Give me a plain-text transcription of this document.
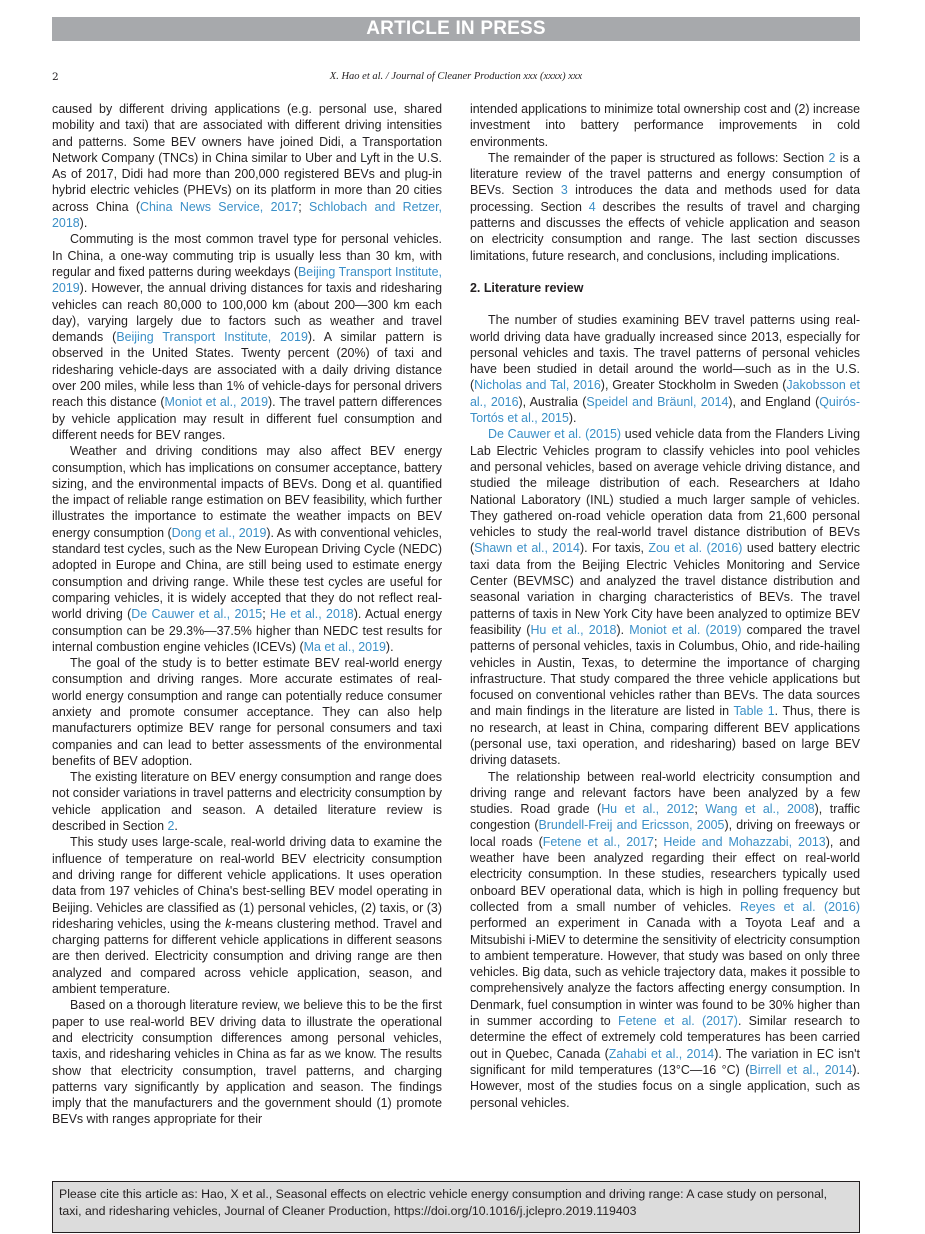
ARTICLE IN PRESS
2	X. Hao et al. / Journal of Cleaner Production xxx (xxxx) xxx

caused by different driving applications (e.g. personal use, shared mobility and taxi) that are associated with different driving intensities and patterns. Some BEV owners have joined Didi, a Transportation Network Company (TNCs) in China similar to Uber and Lyft in the U.S. As of 2017, Didi had more than 200,000 registered BEVs and plug-in hybrid electric vehicles (PHEVs) on its platform in more than 20 cities across China (China News Service, 2017; Schlobach and Retzer, 2018).

Commuting is the most common travel type for personal vehicles. In China, a one-way commuting trip is usually less than 30 km, with regular and fixed patterns during weekdays (Beijing Transport Institute, 2019). However, the annual driving distances for taxis and ridesharing vehicles can reach 80,000 to 100,000 km (about 200—300 km each day), varying largely due to factors such as weather and travel demands (Beijing Transport Institute, 2019). A similar pattern is observed in the United States. Twenty percent (20%) of taxi and ridesharing vehicle-days are associated with a daily driving distance over 200 miles, while less than 1% of vehicle-days for personal drivers reach this distance (Moniot et al., 2019). The travel pattern differences by vehicle application may result in different fuel consumption and different needs for BEV ranges.

Weather and driving conditions may also affect BEV energy consumption, which has implications on consumer acceptance, battery sizing, and the environmental impacts of BEVs. Dong et al. quantified the impact of reliable range estimation on BEV feasibility, which further illustrates the importance to estimate the weather impacts on BEV energy consumption (Dong et al., 2019). As with conventional vehicles, standard test cycles, such as the New European Driving Cycle (NEDC) adopted in Europe and China, are still being used to estimate energy consumption and driving range. While these test cycles are useful for comparing vehicles, it is widely accepted that they do not reflect real-world driving (De Cauwer et al., 2015; He et al., 2018). Actual energy consumption can be 29.3%—37.5% higher than NEDC test results for internal combustion engine vehicles (ICEVs) (Ma et al., 2019).

The goal of the study is to better estimate BEV real-world energy consumption and driving ranges. More accurate estimates of real-world energy consumption and range can potentially reduce consumer anxiety and promote consumer acceptance. They can also help manufacturers optimize BEV range for personal consumers and taxi companies and can lead to better assessments of the environmental benefits of BEV adoption.

The existing literature on BEV energy consumption and range does not consider variations in travel patterns and electricity consumption by vehicle application and season. A detailed literature review is described in Section 2.

This study uses large-scale, real-world driving data to examine the influence of temperature on real-world BEV electricity consumption and driving range for different vehicle applications. It uses operation data from 197 vehicles of China's best-selling BEV model operating in Beijing. Vehicles are classified as (1) personal vehicles, (2) taxis, or (3) ridesharing vehicles, using the k-means clustering method. Travel and charging patterns for different vehicle applications in different seasons are then derived. Electricity consumption and driving range are then analyzed and compared across vehicle application, season, and ambient temperature.

Based on a thorough literature review, we believe this to be the first paper to use real-world BEV driving data to illustrate the operational and electricity consumption differences among personal vehicles, taxis, and ridesharing vehicles in China as far as we know. The results show that electricity consumption, travel patterns, and charging patterns vary significantly by application and season. The findings imply that the manufacturers and the government should (1) promote BEVs with ranges appropriate for their

intended applications to minimize total ownership cost and (2) increase investment into battery performance improvements in cold environments.

The remainder of the paper is structured as follows: Section 2 is a literature review of the travel patterns and energy consumption of BEVs. Section 3 introduces the data and methods used for data processing. Section 4 describes the results of travel and charging patterns and discusses the effects of vehicle application and season on electricity consumption and range. The last section discusses limitations, future research, and conclusions, including implications.

2. Literature review

The number of studies examining BEV travel patterns using real-world driving data have gradually increased since 2013, especially for personal vehicles and taxis. The travel patterns of personal vehicles have been studied in detail around the world—such as in the U.S. (Nicholas and Tal, 2016), Greater Stockholm in Sweden (Jakobsson et al., 2016), Australia (Speidel and Bräunl, 2014), and England (Quirós-Tortós et al., 2015).

De Cauwer et al. (2015) used vehicle data from the Flanders Living Lab Electric Vehicles program to classify vehicles into pool vehicles and personal vehicles, based on average vehicle driving distance, and studied the mileage distribution of each. Researchers at Idaho National Laboratory (INL) studied a much larger sample of vehicles. They gathered on-road vehicle operation data from 21,600 personal vehicles to study the real-world travel distance distribution of BEVs (Shawn et al., 2014). For taxis, Zou et al. (2016) used battery electric taxi data from the Beijing Electric Vehicles Monitoring and Service Center (BEVMSC) and analyzed the travel distance distribution and seasonal variation in charging characteristics of BEVs. The travel patterns of taxis in New York City have been analyzed to optimize BEV feasibility (Hu et al., 2018). Moniot et al. (2019) compared the travel patterns of personal vehicles, taxis in Columbus, Ohio, and ride-hailing vehicles in Austin, Texas, to determine the importance of charging infrastructure. That study compared the three vehicle applications but focused on conventional vehicles rather than BEVs. The data sources and main findings in the literature are listed in Table 1. Thus, there is no research, at least in China, comparing different BEV applications (personal use, taxi operation, and ridesharing) based on large BEV driving datasets.

The relationship between real-world electricity consumption and driving range and relevant factors have been analyzed by a few studies. Road grade (Hu et al., 2012; Wang et al., 2008), traffic congestion (Brundell-Freij and Ericsson, 2005), driving on freeways or local roads (Fetene et al., 2017; Heide and Mohazzabi, 2013), and weather have been analyzed regarding their effect on real-world electricity consumption. In these studies, researchers typically used onboard BEV operational data, which is high in polling frequency but collected from a small number of vehicles. Reyes et al. (2016) performed an experiment in Canada with a Toyota Leaf and a Mitsubishi i-MiEV to determine the sensitivity of electricity consumption to ambient temperature. However, that study was based on only three vehicles. Big data, such as vehicle trajectory data, makes it possible to comprehensively analyze the factors affecting energy consumption. In Denmark, fuel consumption in winter was found to be 30% higher than in summer according to Fetene et al. (2017). Similar research to determine the effect of extremely cold temperatures has been carried out in Quebec, Canada (Zahabi et al., 2014). The variation in EC isn't significant for mild temperatures (13°C—16 °C) (Birrell et al., 2014). However, most of the studies focus on a single application, such as personal vehicles.

Please cite this article as: Hao, X et al., Seasonal effects on electric vehicle energy consumption and driving range: A case study on personal, taxi, and ridesharing vehicles, Journal of Cleaner Production, https://doi.org/10.1016/j.jclepro.2019.119403
